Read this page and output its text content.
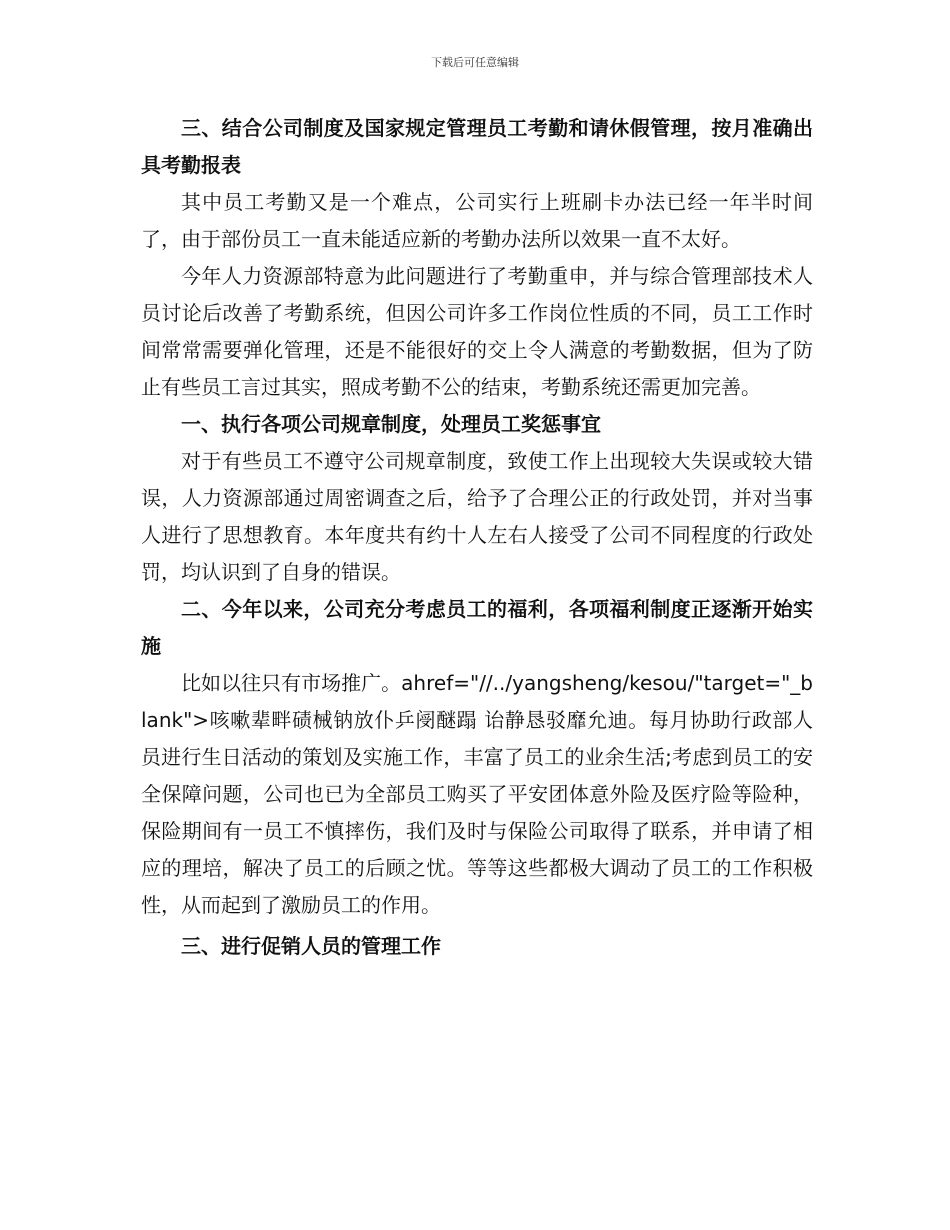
下载后可任意编辑

三、结合公司制度及国家规定管理员工考勤和请休假管理，按月准确出具考勤报表

其中员工考勤又是一个难点，公司实行上班刷卡办法已经一年半时间了，由于部份员工一直未能适应新的考勤办法所以效果一直不太好。

今年人力资源部特意为此问题进行了考勤重申，并与综合管理部技术人员讨论后改善了考勤系统，但因公司许多工作岗位性质的不同，员工工作时间常常需要弹化管理，还是不能很好的交上令人满意的考勤数据，但为了防止有些员工言过其实，照成考勤不公的结束，考勤系统还需更加完善。

一、执行各项公司规章制度，处理员工奖惩事宜

对于有些员工不遵守公司规章制度，致使工作上出现较大失误或较大错误，人力资源部通过周密调查之后，给予了合理公正的行政处罚，并对当事人进行了思想教育。本年度共有约十人左右人接受了公司不同程度的行政处罚，均认识到了自身的错误。

二、今年以来，公司充分考虑员工的福利，各项福利制度正逐渐开始实施

比如以往只有市场推广。ahref="//../yangsheng/kesou/"target="_blank">咳嗽辈畔碛械钠放仆乒阌醚蹋 诒静恳驳靡允迪。每月协助行政部人员进行生日活动的策划及实施工作，丰富了员工的业余生活;考虑到员工的安全保障问题，公司也已为全部员工购买了平安团体意外险及医疗险等险种，保险期间有一员工不慎摔伤，我们及时与保险公司取得了联系，并申请了相应的理培，解决了员工的后顾之忧。等等这些都极大调动了员工的工作积极性，从而起到了激励员工的作用。

三、进行促销人员的管理工作
